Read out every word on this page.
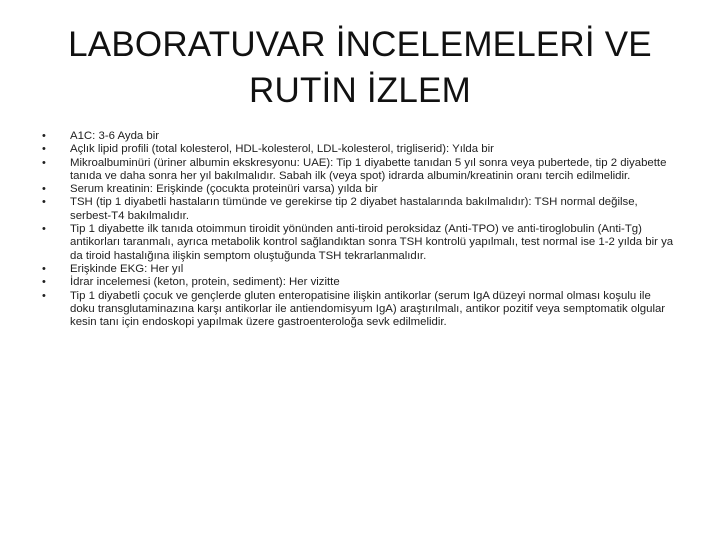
LABORATUVAR İNCELEMELERİ VE RUTİN İZLEM
• A1C: 3-6 Ayda bir
• Açlık lipid profili (total kolesterol, HDL-kolesterol, LDL-kolesterol, trigliserid): Yılda bir
• Mikroalbuminüri (üriner albumin ekskresyonu: UAE): Tip 1 diyabette tanıdan 5 yıl sonra veya pubertede, tip 2 diyabette tanıda ve daha sonra her yıl bakılmalıdır. Sabah ilk (veya spot) idrarda albumin/kreatinin oranı tercih edilmelidir.
• Serum kreatinin: Erişkinde (çocukta proteinüri varsa) yılda bir
• TSH (tip 1 diyabetli hastaların tümünde ve gerekirse tip 2 diyabet hastalarında bakılmalıdır): TSH normal değilse, serbest-T4 bakılmalıdır.
• Tip 1 diyabette ilk tanıda otoimmun tiroidit yönünden anti-tiroid peroksidaz (Anti-TPO) ve anti-tiroglobulin (Anti-Tg) antikorları taranmalı, ayrıca metabolik kontrol sağlandıktan sonra TSH kontrolü yapılmalı, test normal ise 1-2 yılda bir ya da tiroid hastalığına ilişkin semptom oluştuğunda TSH tekrarlanmalıdır.
• Erişkinde EKG: Her yıl
• İdrar incelemesi (keton, protein, sediment): Her vizitte
• Tip 1 diyabetli çocuk ve gençlerde gluten enteropatisine ilişkin antikorlar (serum IgA düzeyi normal olması koşulu ile doku transglutaminazına karşı antikorlar ile antiendomisyum IgA) araştırılmalı, antikor pozitif veya semptomatik olgular kesin tanı için endoskopi yapılmak üzere gastroenteroloğa sevk edilmelidir.
